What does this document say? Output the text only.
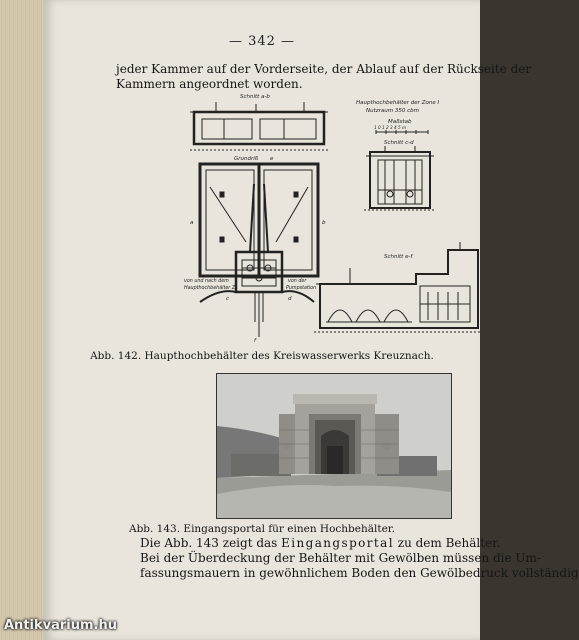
— 342 —
jeder Kammer auf der Vorderseite, der Ablauf auf der Rückseite der
Kammern angeordnet worden.
Schnitt a-b
Grundriß e
a	b
c	d
f
von und nach dem
Haupthochbehälter Z
von der
Pumpstation
Haupthochbehälter der Zone I
Nutzraum 350 cbm
Maßstab
1 0 1 2 3 4 5 m
Schnitt c-d
Schnitt e-f
Abb. 142. Haupthochbehälter des Kreiswasserwerks Kreuznach.
Abb. 143. Eingangsportal für einen Hochbehälter.
Die Abb. 143 zeigt das Eingangsportal zu dem Behälter.
Bei der Überdeckung der Behälter mit Gewölben müssen die Um-
fassungsmauern in gewöhnlichem Boden den Gewölbedruck vollständig
Antikvarium.hu
